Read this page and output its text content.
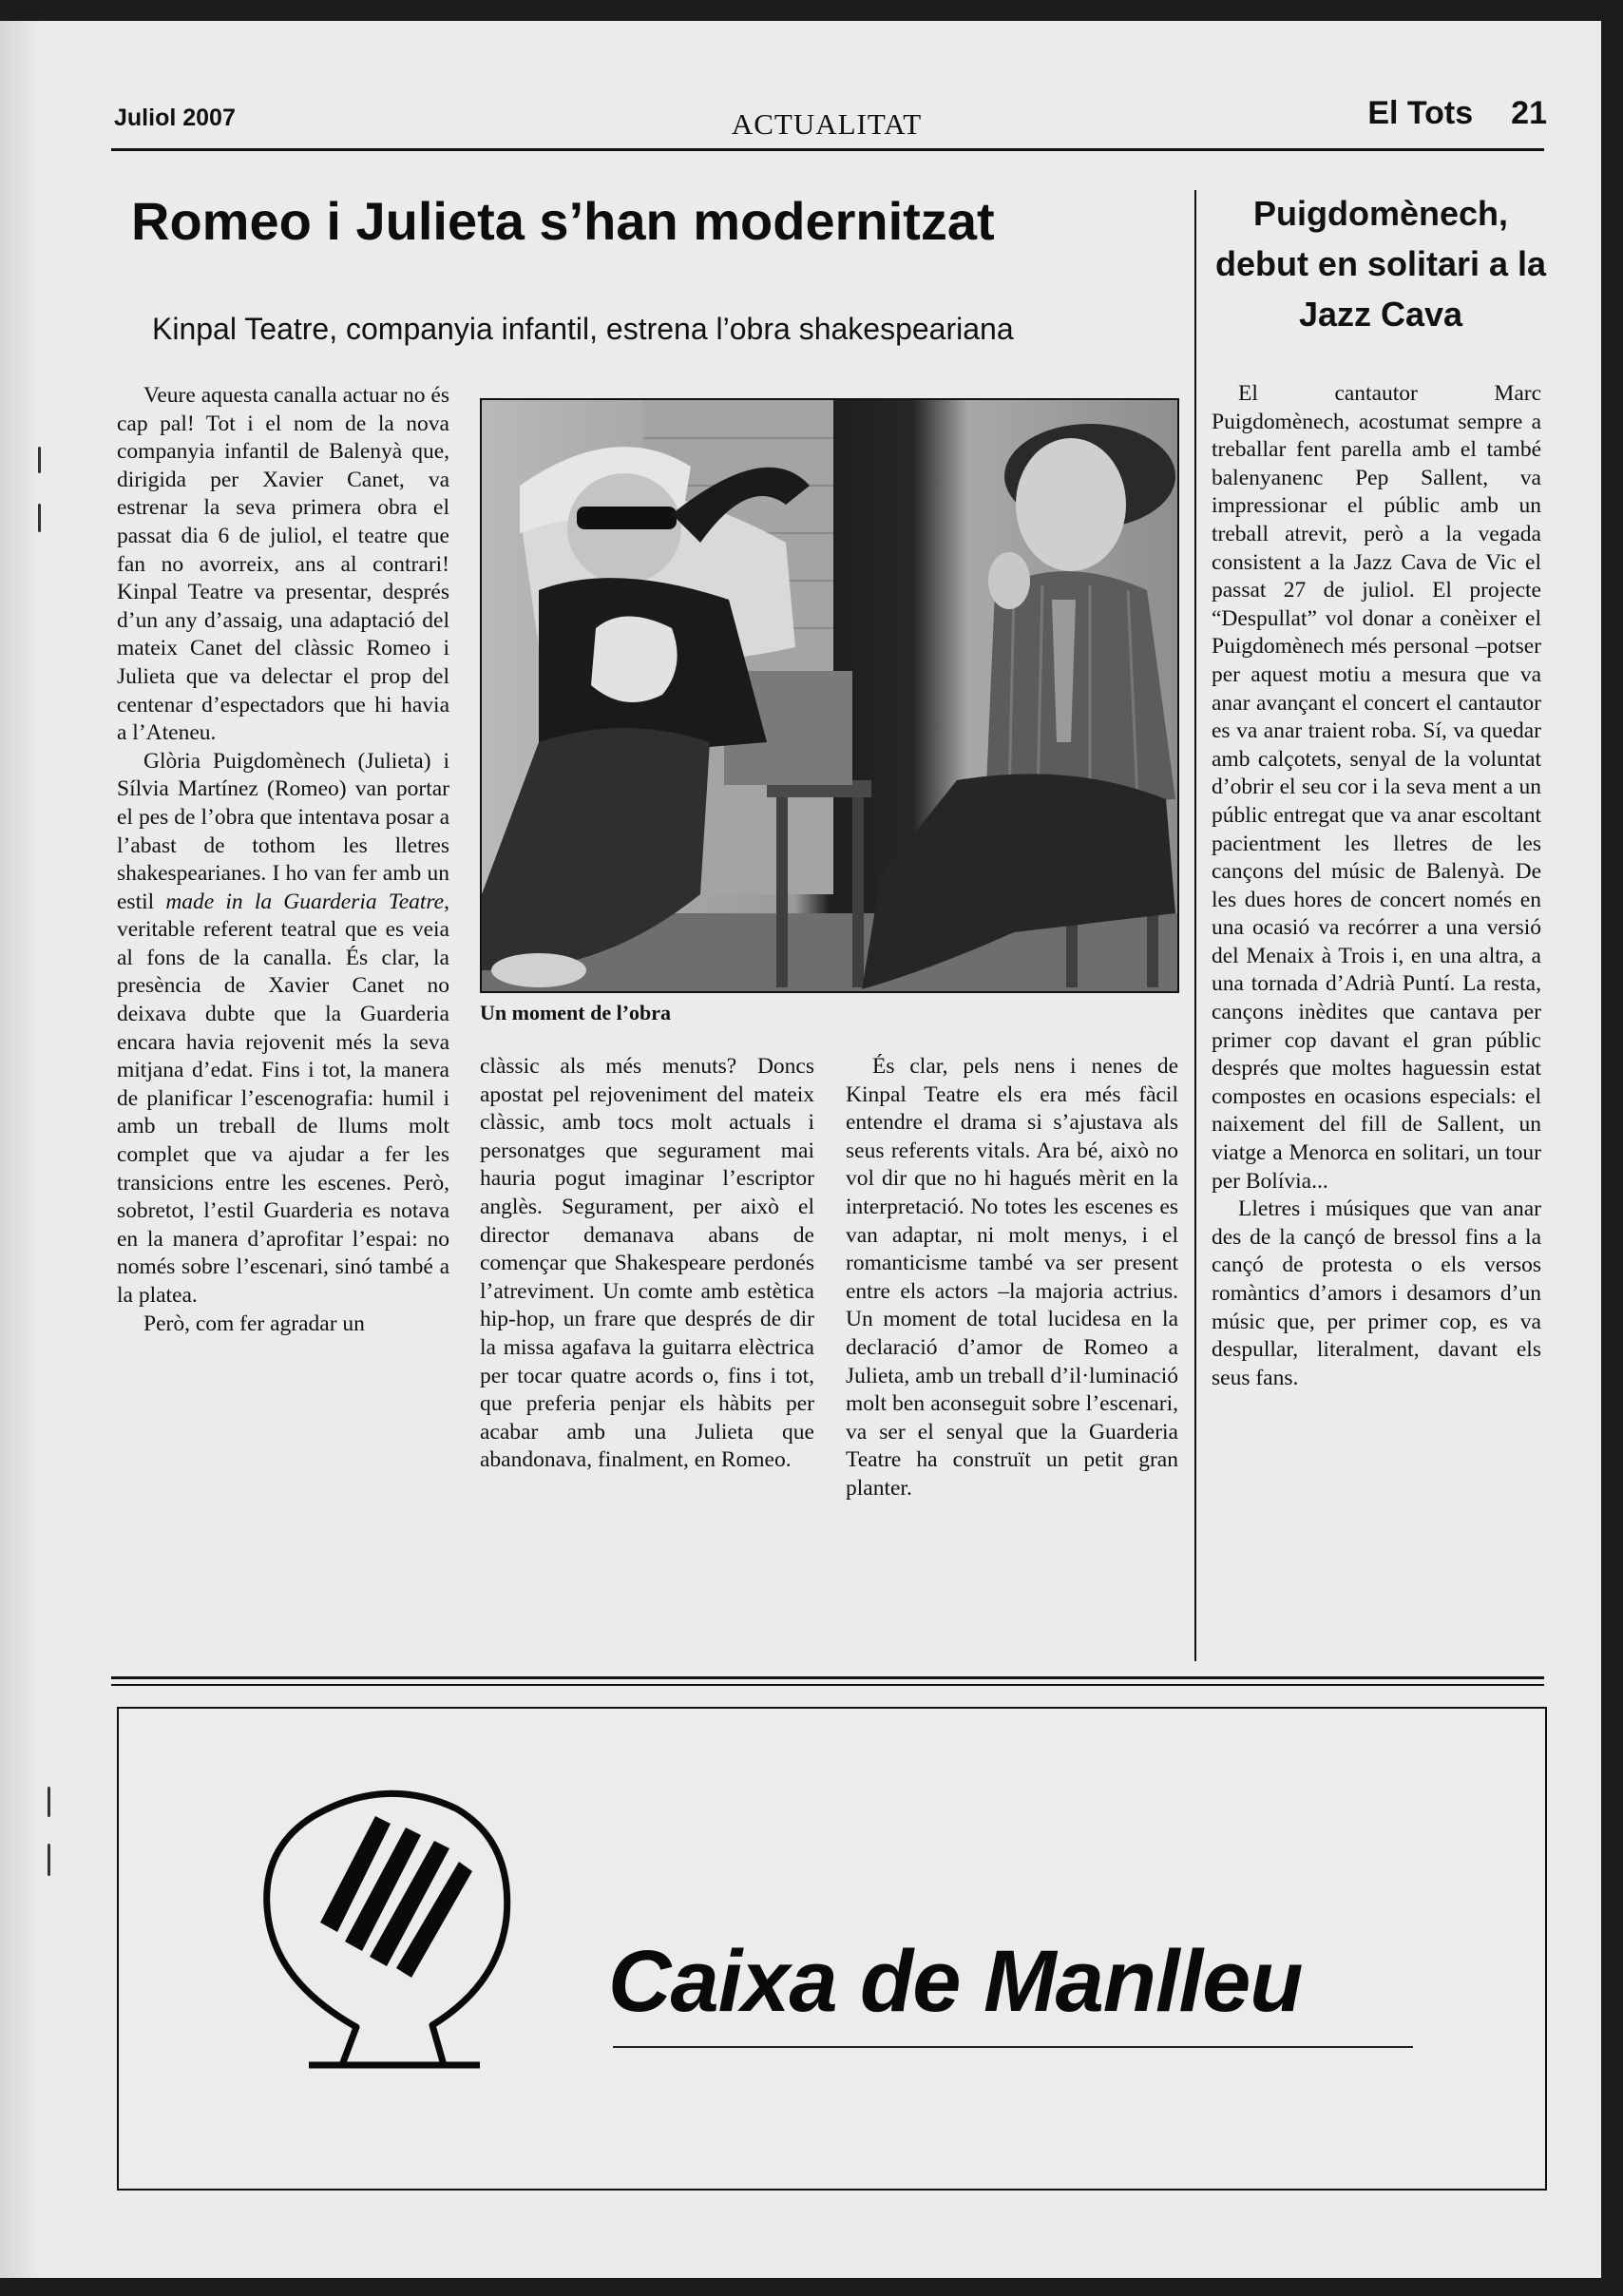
Juliol 2007	ACTUALITAT	El Tots 21
Romeo i Julieta s’han modernitzat
Kinpal Teatre, companyia infantil, estrena l’obra shakespeariana

Veure aquesta canalla actuar no és cap pal! Tot i el nom de la nova companyia infantil de Balenyà que, dirigida per Xavier Canet, va estrenar la seva primera obra el passat dia 6 de juliol, el teatre que fan no avorreix, ans al contrari! Kinpal Teatre va presentar, després d’un any d’assaig, una adaptació del mateix Canet del clàssic Romeo i Julieta que va delectar el prop del centenar d’espectadors que hi havia a l’Ateneu.

Glòria Puigdomènech (Julieta) i Sílvia Martínez (Romeo) van portar el pes de l’obra que intentava posar a l’abast de tothom les lletres shakespearianes. I ho van fer amb un estil made in la Guarderia Teatre, veritable referent teatral que es veia al fons de la canalla. És clar, la presència de Xavier Canet no deixava dubte que la Guarderia encara havia rejovenit més la seva mitjana d’edat. Fins i tot, la manera de planificar l’escenografia: humil i amb un treball de llums molt complet que va ajudar a fer les transicions entre les escenes. Però, sobretot, l’estil Guarderia es notava en la manera d’aprofitar l’espai: no només sobre l’escenari, sinó també a la platea.

Però, com fer agradar un

Un moment de l’obra

clàssic als més menuts? Doncs apostat pel rejoveniment del mateix clàssic, amb tocs molt actuals i personatges que segurament mai hauria pogut imaginar l’escriptor anglès. Segurament, per això el director demanava abans de començar que Shakespeare perdonés l’atreviment. Un comte amb estètica hip-hop, un frare que després de dir la missa agafava la guitarra elèctrica per tocar quatre acords o, fins i tot, que preferia penjar els hàbits per acabar amb una Julieta que abandonava, finalment, en Romeo.

És clar, pels nens i nenes de Kinpal Teatre els era més fàcil entendre el drama si s’ajustava als seus referents vitals. Ara bé, això no vol dir que no hi hagués mèrit en la interpretació. No totes les escenes es van adaptar, ni molt menys, i el romanticisme també va ser present entre els actors –la majoria actrius. Un moment de total lucidesa en la declaració d’amor de Romeo a Julieta, amb un treball d’il·luminació molt ben aconseguit sobre l’escenari, va ser el senyal que la Guarderia Teatre ha construït un petit gran planter.

Puigdomènech, debut en solitari a la Jazz Cava

El cantautor Marc Puigdomènech, acostumat sempre a treballar fent parella amb el també balenyanenc Pep Sallent, va impressionar el públic amb un treball atrevit, però a la vegada consistent a la Jazz Cava de Vic el passat 27 de juliol. El projecte “Despullat” vol donar a conèixer el Puigdomènech més personal –potser per aquest motiu a mesura que va anar avançant el concert el cantautor es va anar traient roba. Sí, va quedar amb calçotets, senyal de la voluntat d’obrir el seu cor i la seva ment a un públic entregat que va anar escoltant pacientment les lletres de les cançons del músic de Balenyà. De les dues hores de concert només en una ocasió va recórrer a una versió del Menaix à Trois i, en una altra, a una tornada d’Adrià Puntí. La resta, cançons inèdites que cantava per primer cop davant el gran públic després que moltes haguessin estat compostes en ocasions especials: el naixement del fill de Sallent, un viatge a Menorca en solitari, un tour per Bolívia...

Lletres i músiques que van anar des de la cançó de bressol fins a la cançó de protesta o els versos romàntics d’amors i desamors d’un músic que, per primer cop, es va despullar, literalment, davant els seus fans.

Caixa de Manlleu
